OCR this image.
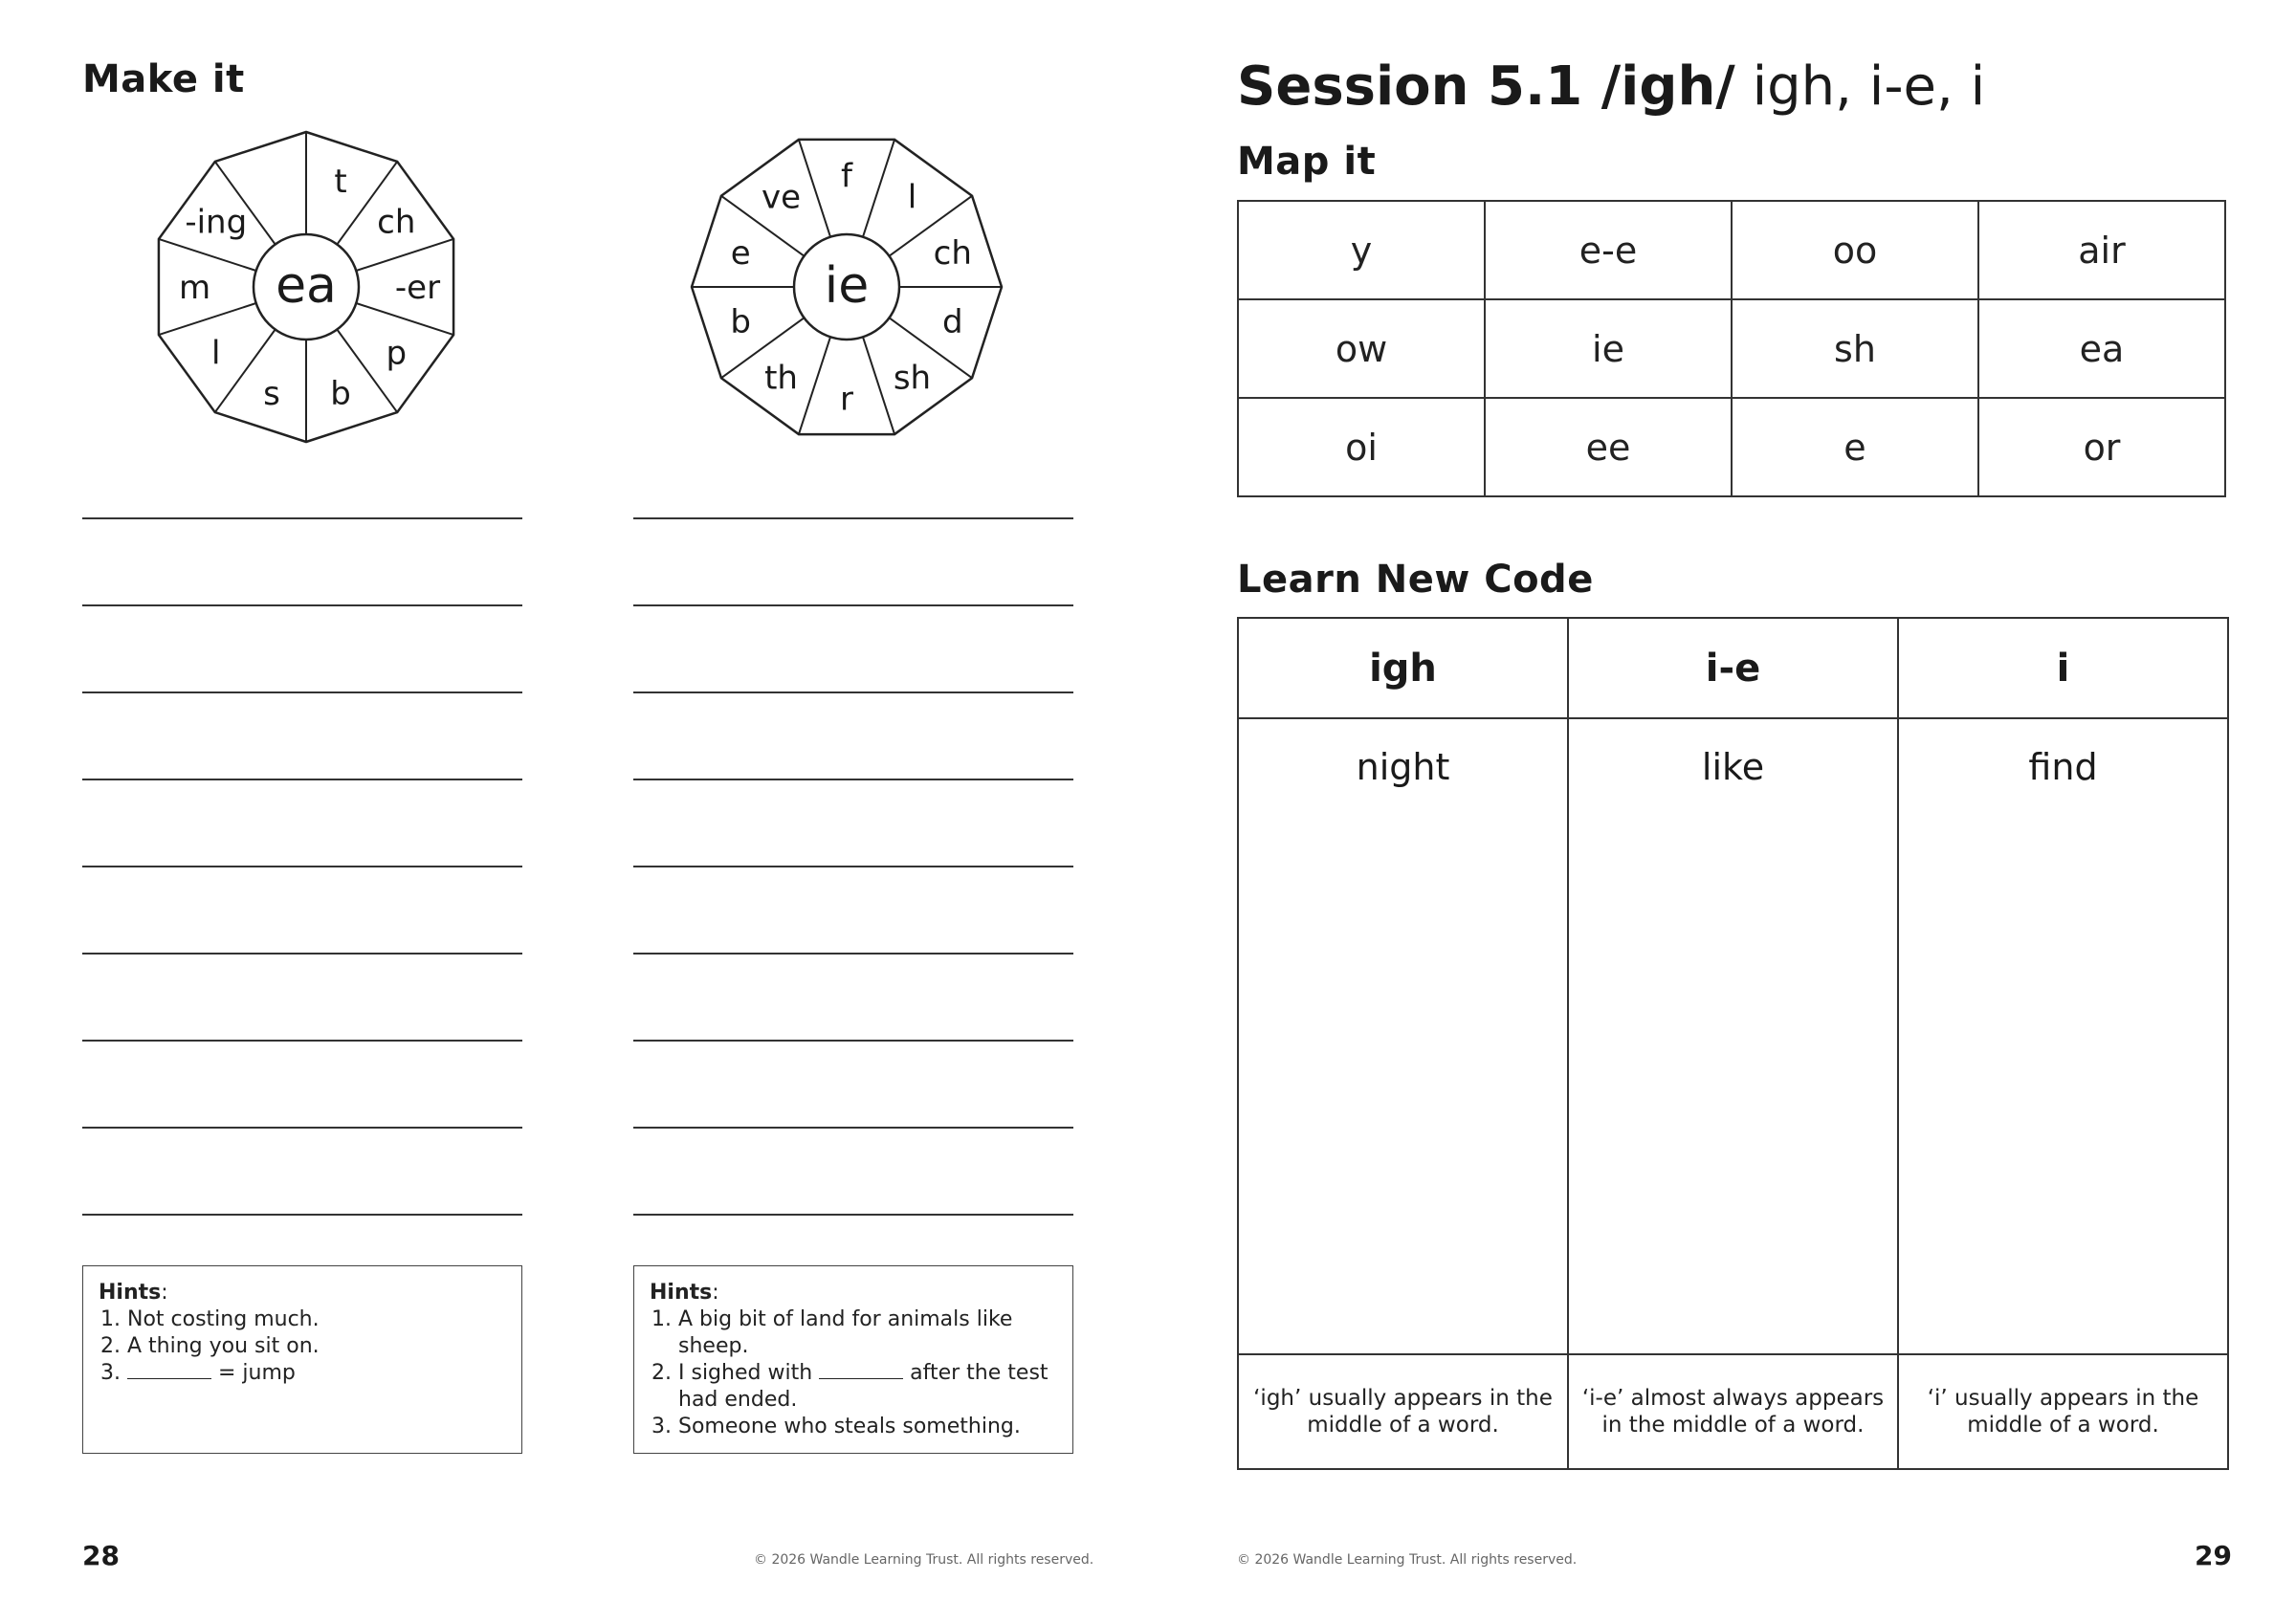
Make it
ea
t
ch
-er
p
b
s
l
m
-ing
ie
f
l
ch
d
sh
r
th
b
e
ve
Hints:
1. Not costing much.
2. A thing you sit on.
3. = jump
Hints:
1. A big bit of land for animals like sheep.
2. I sighed with	after the test had ended.
3. Someone who steals something.
28	© 2026 Wandle Learning Trust. All rights reserved.
Session 5.1 /igh/ igh, i-e, i
Map it
y	e-e	oo	air
ow	ie	sh	ea
oi	ee	e	or
Learn New Code
igh	i-e	i

night	like	find

‘igh’ usually appears in the middle of a word.	‘i-e’ almost always appears in the middle of a word.	‘i’ usually appears in the middle of a word.
© 2026 Wandle Learning Trust. All rights reserved.	29
